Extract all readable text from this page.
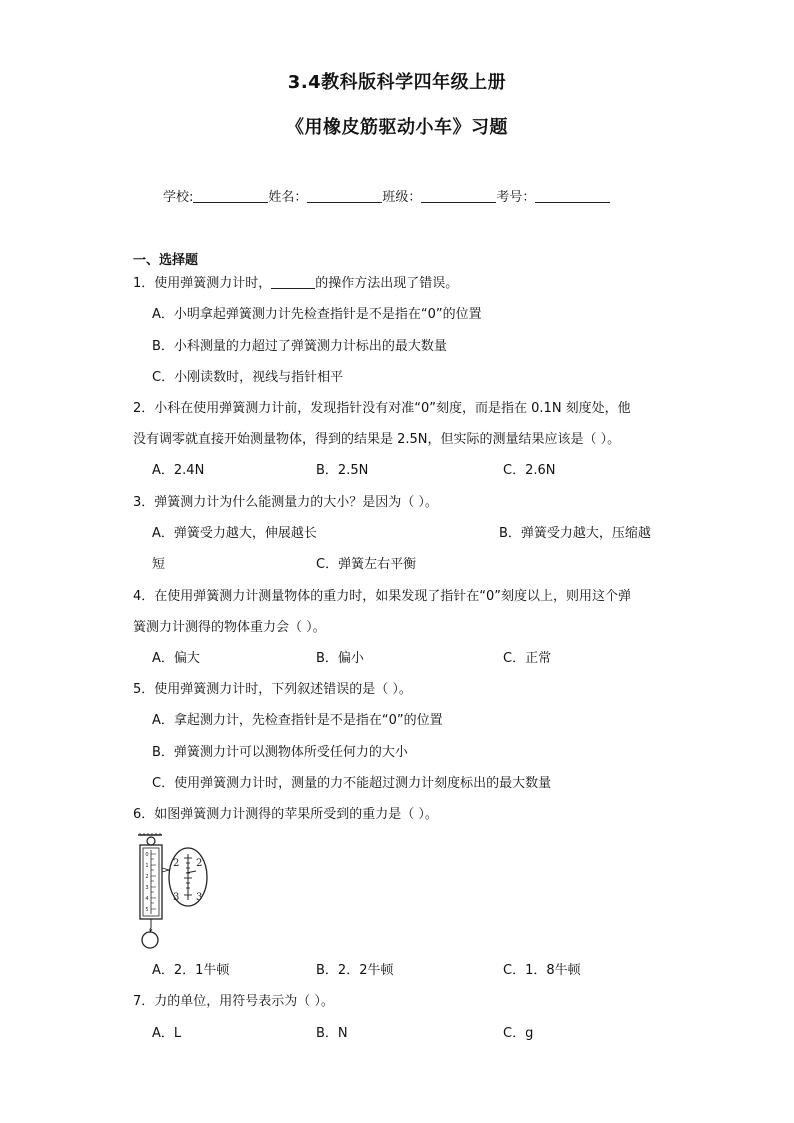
3.4教科版科学四年级上册
《用橡皮筋驱动小车》习题
学校:	姓名：	班级：	考号：
一、选择题
1．使用弹簧测力计时，	的操作方法出现了错误。
A．小明拿起弹簧测力计先检查指针是不是指在“0”的位置
B．小科测量的力超过了弹簧测力计标出的最大数量
C．小刚读数时，视线与指针相平
2．小科在使用弹簧测力计前，发现指针没有对准“0”刻度，而是指在 0.1N 刻度处，他
没有调零就直接开始测量物体，得到的结果是 2.5N，但实际的测量结果应该是（ ）。
A．2.4N	B．2.5N	C．2.6N
3．弹簧测力计为什么能测量力的大小？是因为（ ）。
A．弹簧受力越大，伸展越长	B．弹簧受力越大，压缩越
短	C．弹簧左右平衡
4．在使用弹簧测力计测量物体的重力时，如果发现了指针在“0”刻度以上，则用这个弹
簧测力计测得的物体重力会（ ）。
A．偏大	B．偏小	C．正常
5．使用弹簧测力计时，下列叙述错误的是（ ）。
A．拿起测力计，先检查指针是不是指在“0”的位置
B．弹簧测力计可以测物体所受任何力的大小
C．使用弹簧测力计时，测量的力不能超过测力计刻度标出的最大数量
6．如图弹簧测力计测得的苹果所受到的重力是（ ）。
0
1
2
3
4
5
2 2
3 3
A．2．1牛顿	B．2．2牛顿	C．1．8牛顿
7．力的单位，用符号表示为（ ）。
A．L	B．N	C．g
